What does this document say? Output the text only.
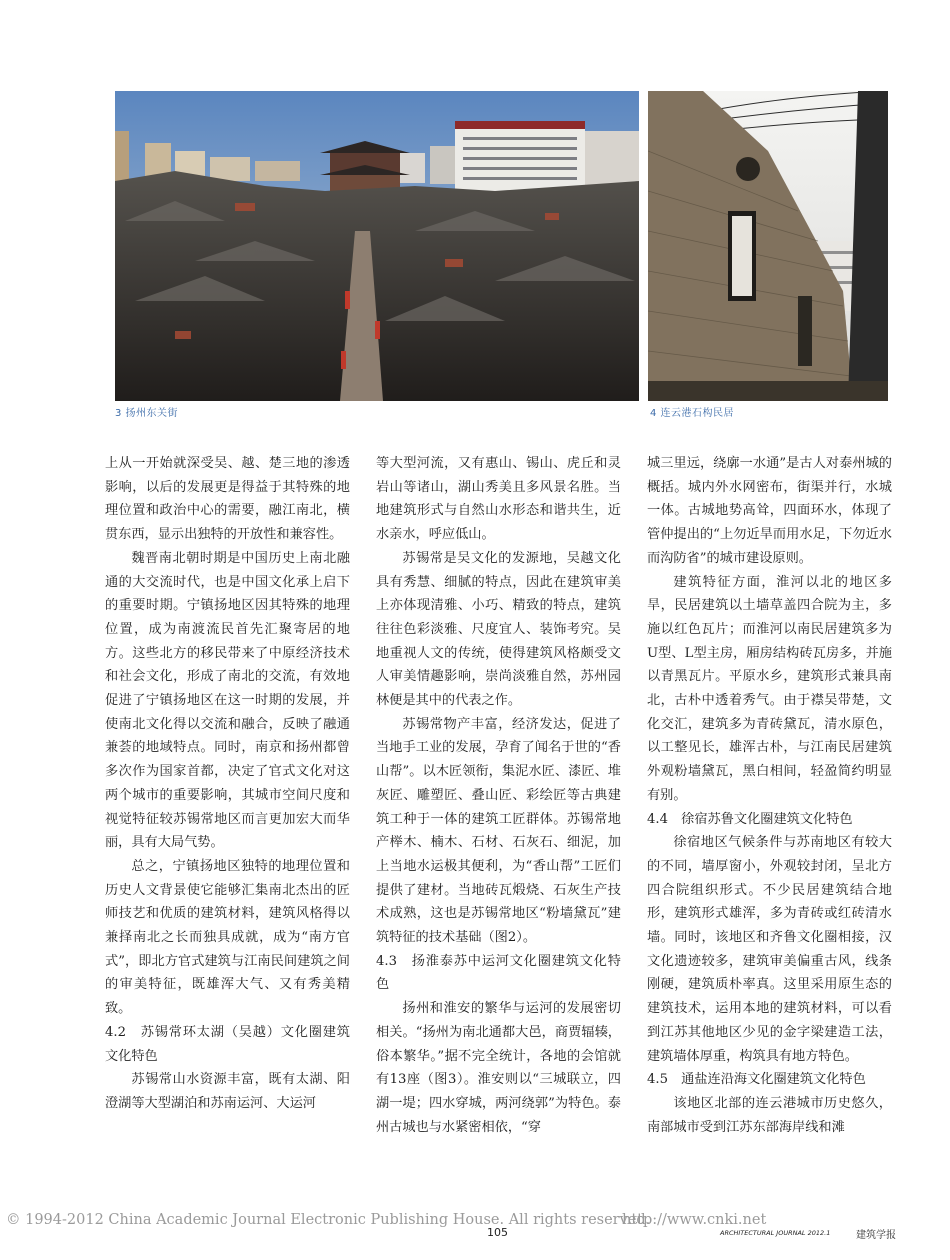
3 扬州东关街	4 连云港石构民居

上从一开始就深受吴、越、楚三地的渗透影响，以后的发展更是得益于其特殊的地理位置和政治中心的需要，融江南北，横贯东西，显示出独特的开放性和兼容性。

魏晋南北朝时期是中国历史上南北融通的大交流时代，也是中国文化承上启下的重要时期。宁镇扬地区因其特殊的地理位置，成为南渡流民首先汇聚寄居的地方。这些北方的移民带来了中原经济技术和社会文化，形成了南北的交流，有效地促进了宁镇扬地区在这一时期的发展，并使南北文化得以交流和融合，反映了融通兼荟的地域特点。同时，南京和扬州都曾多次作为国家首都，决定了官式文化对这两个城市的重要影响，其城市空间尺度和视觉特征较苏锡常地区而言更加宏大而华丽，具有大局气势。

总之，宁镇扬地区独特的地理位置和历史人文背景使它能够汇集南北杰出的匠师技艺和优质的建筑材料，建筑风格得以兼择南北之长而独具成就，成为“南方官式”，即北方官式建筑与江南民间建筑之间的审美特征，既雄浑大气、又有秀美精致。

4.2　苏锡常环太湖（吴越）文化圈建筑文化特色

苏锡常山水资源丰富，既有太湖、阳澄湖等大型湖泊和苏南运河、大运河

等大型河流，又有惠山、锡山、虎丘和灵岩山等诸山，湖山秀美且多风景名胜。当地建筑形式与自然山水形态和谐共生，近水亲水，呼应低山。

苏锡常是吴文化的发源地，吴越文化具有秀慧、细腻的特点，因此在建筑审美上亦体现清雅、小巧、精致的特点，建筑往往色彩淡雅、尺度宜人、装饰考究。吴地重视人文的传统，使得建筑风格颇受文人审美情趣影响，崇尚淡雅自然，苏州园林便是其中的代表之作。

苏锡常物产丰富，经济发达，促进了当地手工业的发展，孕育了闻名于世的“香山帮”。以木匠领衔，集泥水匠、漆匠、堆灰匠、雕塑匠、叠山匠、彩绘匠等古典建筑工种于一体的建筑工匠群体。苏锡常地产榉木、楠木、石材、石灰石、细泥，加上当地水运极其便利，为“香山帮”工匠们提供了建材。当地砖瓦煅烧、石灰生产技术成熟，这也是苏锡常地区“粉墙黛瓦”建筑特征的技术基础（图2）。

4.3　扬淮泰苏中运河文化圈建筑文化特色

扬州和淮安的繁华与运河的发展密切相关。“扬州为南北通都大邑，商贾辐辏，俗本繁华。”据不完全统计，各地的会馆就有13座（图3）。淮安则以“三城联立，四湖一堤；四水穿城，两河绕郭”为特色。泰州古城也与水紧密相依，“穿

城三里远，绕廓一水通”是古人对泰州城的概括。城内外水网密布，街渠并行，水城一体。古城地势高耸，四面环水，体现了管仲提出的“上勿近旱而用水足，下勿近水而沟防省”的城市建设原则。

建筑特征方面，淮河以北的地区多旱，民居建筑以土墙草盖四合院为主，多施以红色瓦片；而淮河以南民居建筑多为U型、L型主房，厢房结构砖瓦房多，并施以青黑瓦片。平原水乡，建筑形式兼具南北，古朴中透着秀气。由于襟吴带楚，文化交汇，建筑多为青砖黛瓦，清水原色，以工整见长，雄浑古朴，与江南民居建筑外观粉墙黛瓦，黑白相间，轻盈简约明显有别。

4.4　徐宿苏鲁文化圈建筑文化特色

徐宿地区气候条件与苏南地区有较大的不同，墙厚窗小，外观较封闭，呈北方四合院组织形式。不少民居建筑结合地形，建筑形式雄浑，多为青砖或红砖清水墙。同时，该地区和齐鲁文化圈相接，汉文化遗迹较多，建筑审美偏重古风，线条刚硬，建筑质朴率真。这里采用原生态的建筑技术，运用本地的建筑材料，可以看到江苏其他地区少见的金字梁建造工法，建筑墙体厚重，构筑具有地方特色。

4.5　通盐连沿海文化圈建筑文化特色

该地区北部的连云港城市历史悠久，南部城市受到江苏东部海岸线和滩

© 1994-2012 China Academic Journal Electronic Publishing House. All rights reserved.
http://www.cnki.net
105	ARCHITECTURAL JOURNAL 2012.1	建筑学报
